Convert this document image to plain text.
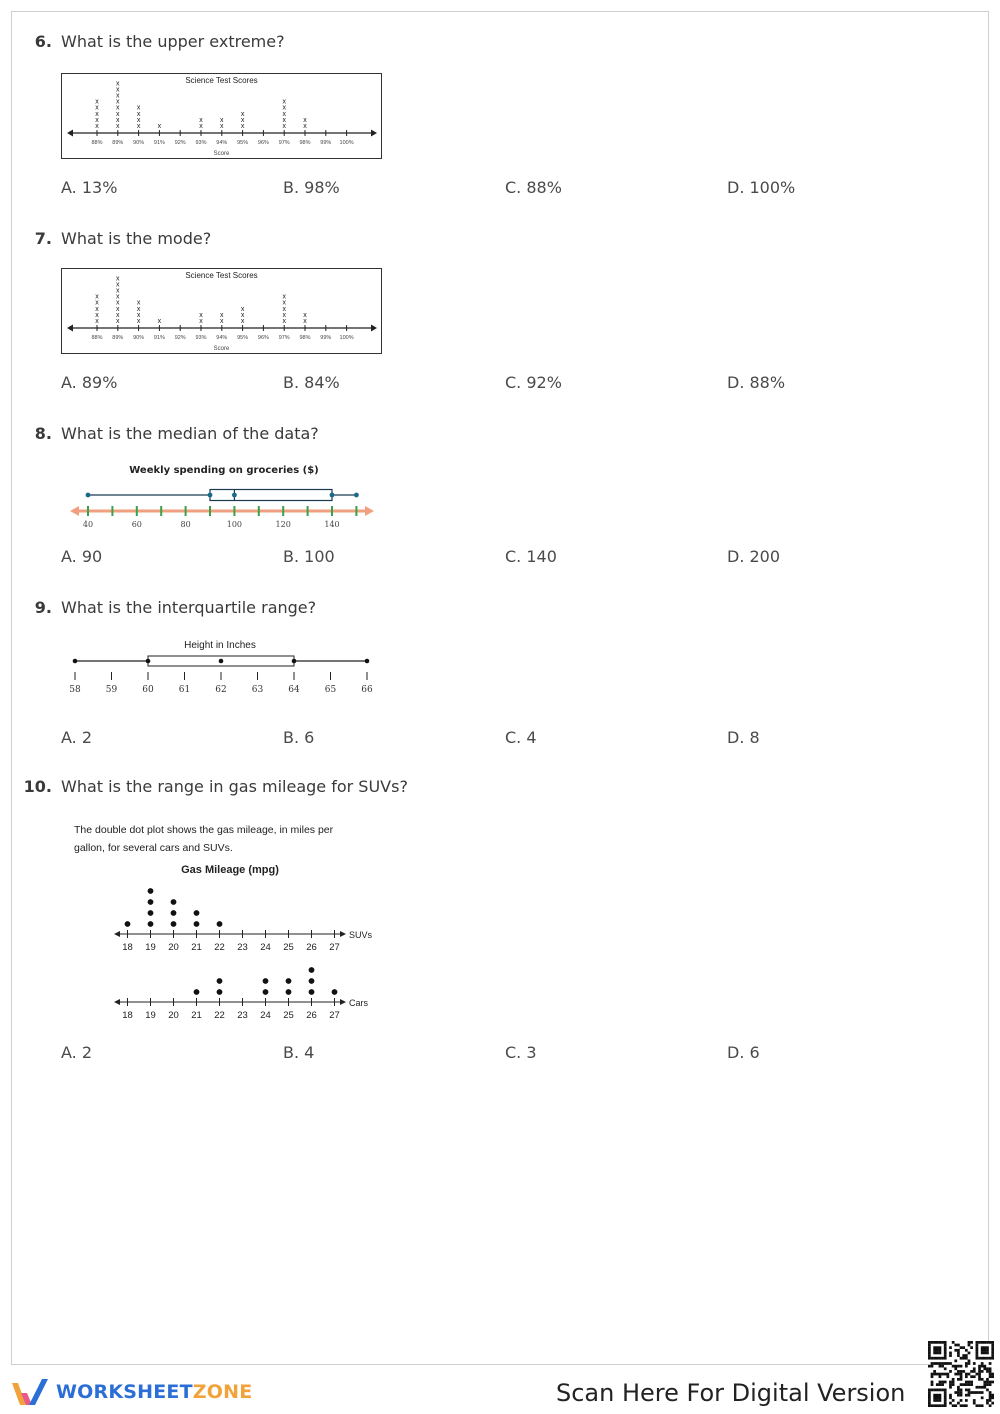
6. What is the upper extreme?
Science Test Scores
88%
x
x
x
x
x
89%
x
x
x
x
x
x
x
x
90%
x
x
x
x
91%
x
92% 93%
x
x
94%
x
x
95%
x
x
x
96% 97%
x
x
x
x
x
98%
x
x
99% 100%
Score
A. 13%	B. 98%	C. 88%	D. 100%
7. What is the mode?
Science Test Scores
88%
x
x
x
x
x
89%
x
x
x
x
x
x
x
x
90%
x
x
x
x
91%
x
92% 93%
x
x
94%
x
x
95%
x
x
x
96% 97%
x
x
x
x
x
98%
x
x
99% 100%
Score
A. 89%	B. 84%	C. 92%	D. 88%
8. What is the median of the data?
Weekly spending on groceries ($)
40	60	80	100	120	140
A. 90	B. 100	C. 140	D. 200
9. What is the interquartile range?
Height in Inches
58	59	60	61	62	63	64	65	66
A. 2	B. 6	C. 4	D. 8
10. What is the range in gas mileage for SUVs?
The double dot plot shows the gas mileage, in miles per
gallon, for several cars and SUVs.
Gas Mileage (mpg)
SUVs
18 19 20 21 22 23 24 25 26 27
Cars
18 19 20 21 22 23 24 25 26 27
A. 2	B. 4	C. 3	D. 6
WORKSHEETZONE	Scan Here For Digital Version
